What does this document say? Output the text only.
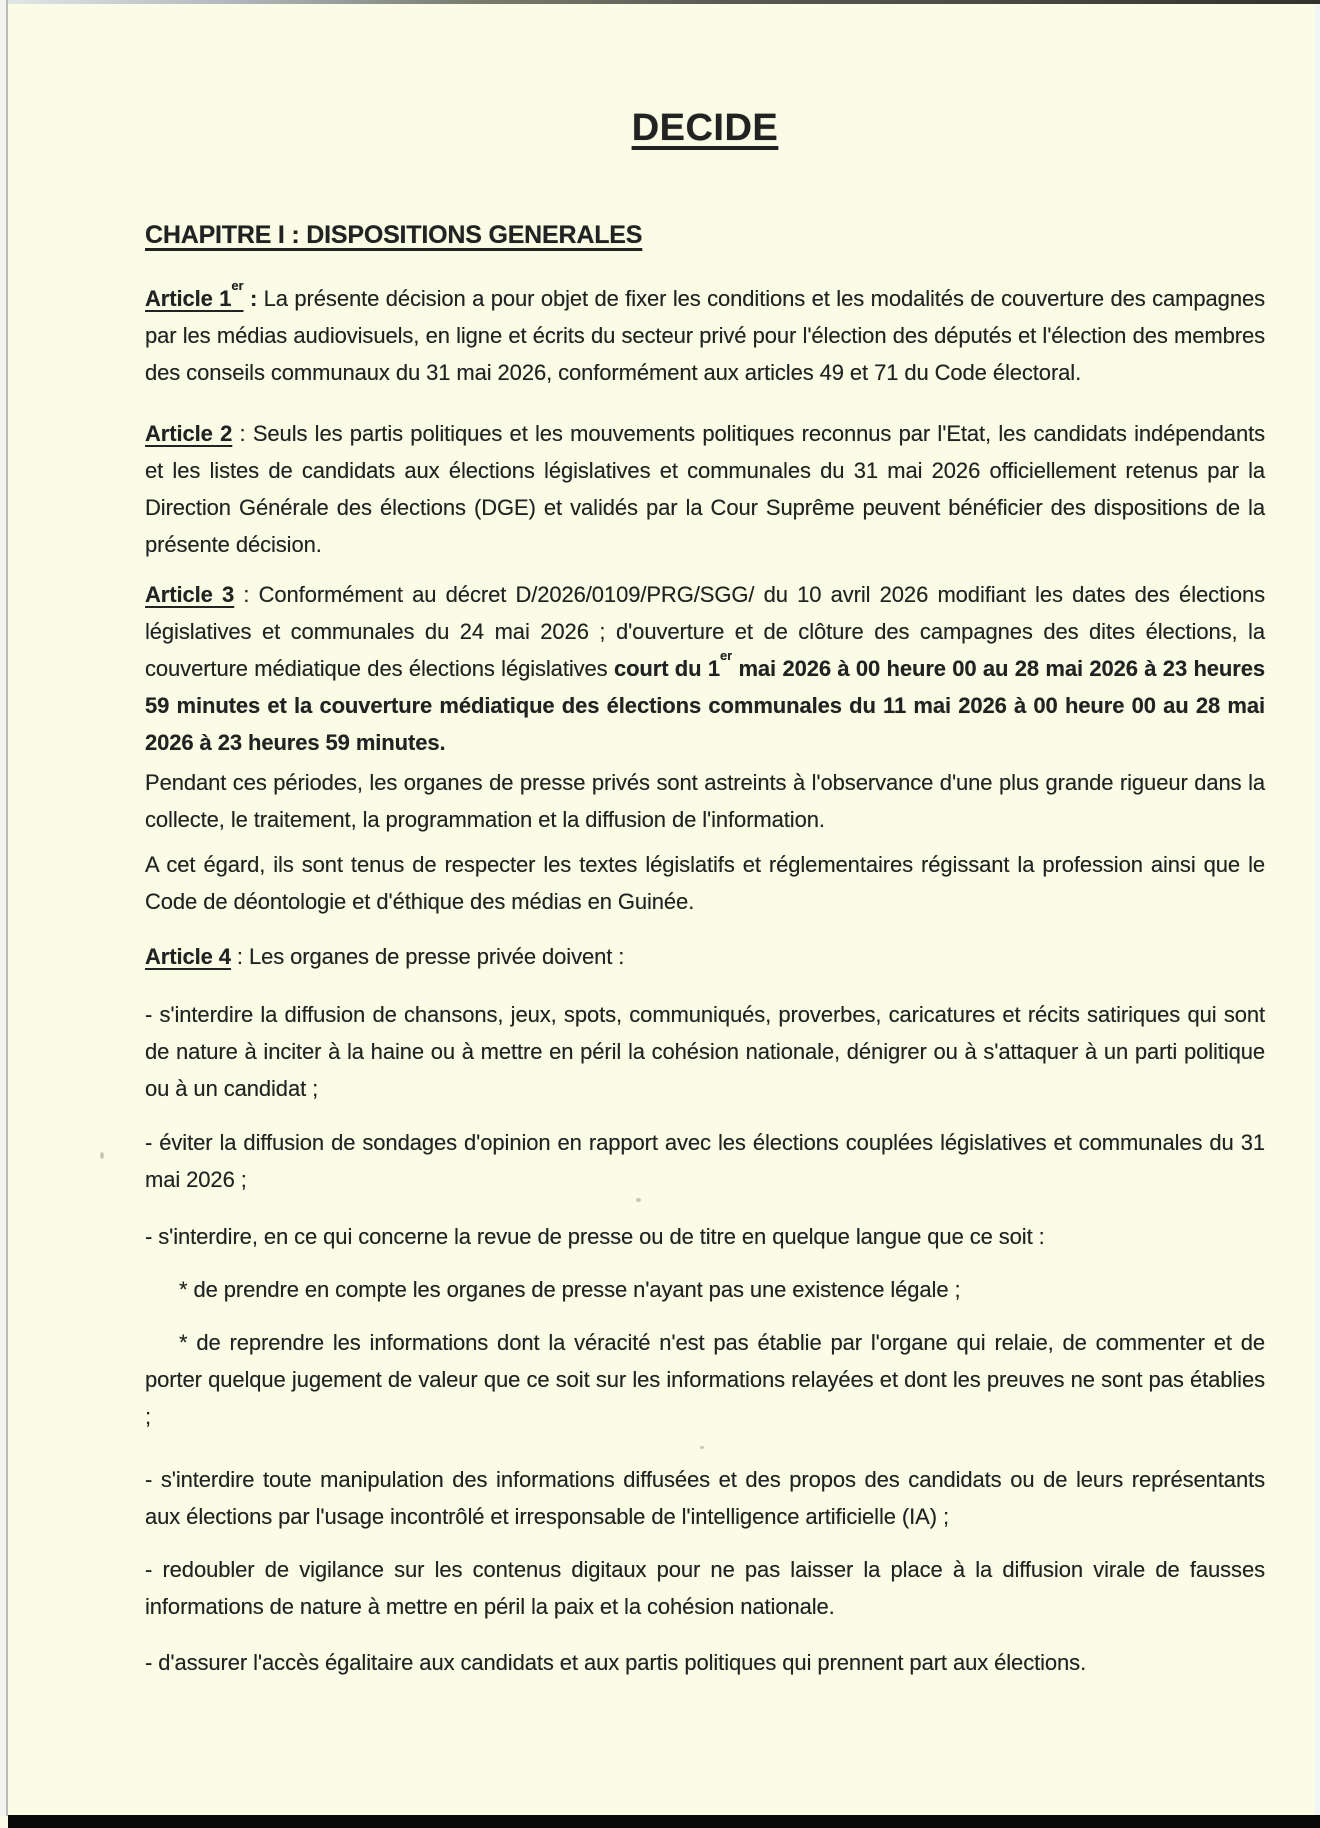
DECIDE
CHAPITRE I : DISPOSITIONS GENERALES

Article 1er : La présente décision a pour objet de fixer les conditions et les modalités de couverture des campagnes par les médias audiovisuels, en ligne et écrits du secteur privé pour l'élection des députés et l'élection des membres des conseils communaux du 31 mai 2026, conformément aux articles 49 et 71 du Code électoral.

Article 2 : Seuls les partis politiques et les mouvements politiques reconnus par l'Etat, les candidats indépendants et les listes de candidats aux élections législatives et communales du 31 mai 2026 officiellement retenus par la Direction Générale des élections (DGE) et validés par la Cour Suprême peuvent bénéficier des dispositions de la présente décision.

Article 3 : Conformément au décret D/2026/0109/PRG/SGG/ du 10 avril 2026 modifiant les dates des élections législatives et communales du 24 mai 2026 ; d'ouverture et de clôture des campagnes des dites élections, la couverture médiatique des élections législatives court du 1er mai 2026 à 00 heure 00 au 28 mai 2026 à 23 heures 59 minutes et la couverture médiatique des élections communales du 11 mai 2026 à 00 heure 00 au 28 mai 2026 à 23 heures 59 minutes.

Pendant ces périodes, les organes de presse privés sont astreints à l'observance d'une plus grande rigueur dans la collecte, le traitement, la programmation et la diffusion de l'information.

A cet égard, ils sont tenus de respecter les textes législatifs et réglementaires régissant la profession ainsi que le Code de déontologie et d'éthique des médias en Guinée.

Article 4 : Les organes de presse privée doivent :

- s'interdire la diffusion de chansons, jeux, spots, communiqués, proverbes, caricatures et récits satiriques qui sont de nature à inciter à la haine ou à mettre en péril la cohésion nationale, dénigrer ou à s'attaquer à un parti politique ou à un candidat ;

- éviter la diffusion de sondages d'opinion en rapport avec les élections couplées législatives et communales du 31 mai 2026 ;

- s'interdire, en ce qui concerne la revue de presse ou de titre en quelque langue que ce soit :

* de prendre en compte les organes de presse n'ayant pas une existence légale ;

* de reprendre les informations dont la véracité n'est pas établie par l'organe qui relaie, de commenter et de porter quelque jugement de valeur que ce soit sur les informations relayées et dont les preuves ne sont pas établies ;

- s'interdire toute manipulation des informations diffusées et des propos des candidats ou de leurs représentants aux élections par l'usage incontrôlé et irresponsable de l'intelligence artificielle (IA) ;

- redoubler de vigilance sur les contenus digitaux pour ne pas laisser la place à la diffusion virale de fausses informations de nature à mettre en péril la paix et la cohésion nationale.

- d'assurer l'accès égalitaire aux candidats et aux partis politiques qui prennent part aux élections.
